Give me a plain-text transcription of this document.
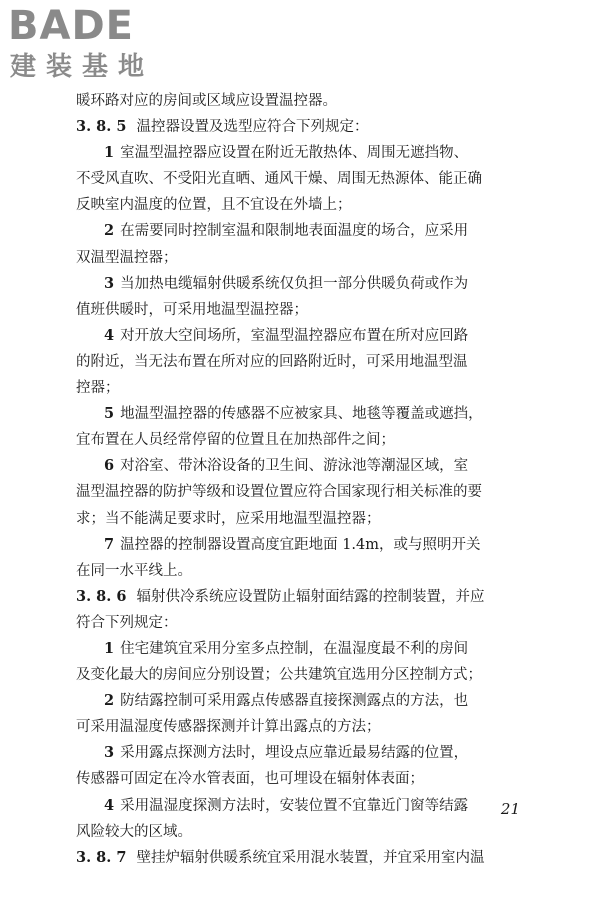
BADE
建装基地
暖环路对应的房间或区域应设置温控器。
3. 8. 5 温控器设置及选型应符合下列规定：
1 室温型温控器应设置在附近无散热体、周围无遮挡物、
不受风直吹、不受阳光直晒、通风干燥、周围无热源体、能正确
反映室内温度的位置，且不宜设在外墙上；
2 在需要同时控制室温和限制地表面温度的场合，应采用
双温型温控器；
3 当加热电缆辐射供暖系统仅负担一部分供暖负荷或作为
值班供暖时，可采用地温型温控器；
4 对开放大空间场所，室温型温控器应布置在所对应回路
的附近，当无法布置在所对应的回路附近时，可采用地温型温
控器；
5 地温型温控器的传感器不应被家具、地毯等覆盖或遮挡，
宜布置在人员经常停留的位置且在加热部件之间；
6 对浴室、带沐浴设备的卫生间、游泳池等潮湿区域，室
温型温控器的防护等级和设置位置应符合国家现行相关标准的要
求；当不能满足要求时，应采用地温型温控器；
7 温控器的控制器设置高度宜距地面 1.4m，或与照明开关
在同一水平线上。
3. 8. 6 辐射供冷系统应设置防止辐射面结露的控制装置，并应
符合下列规定：
1 住宅建筑宜采用分室多点控制，在温湿度最不利的房间
及变化最大的房间应分别设置；公共建筑宜选用分区控制方式；
2 防结露控制可采用露点传感器直接探测露点的方法，也
可采用温湿度传感器探测并计算出露点的方法；
3 采用露点探测方法时，埋设点应靠近最易结露的位置，
传感器可固定在冷水管表面，也可埋设在辐射体表面；
4 采用温湿度探测方法时，安装位置不宜靠近门窗等结露
风险较大的区域。
3. 8. 7 壁挂炉辐射供暖系统宜采用混水装置，并宜采用室内温
21
